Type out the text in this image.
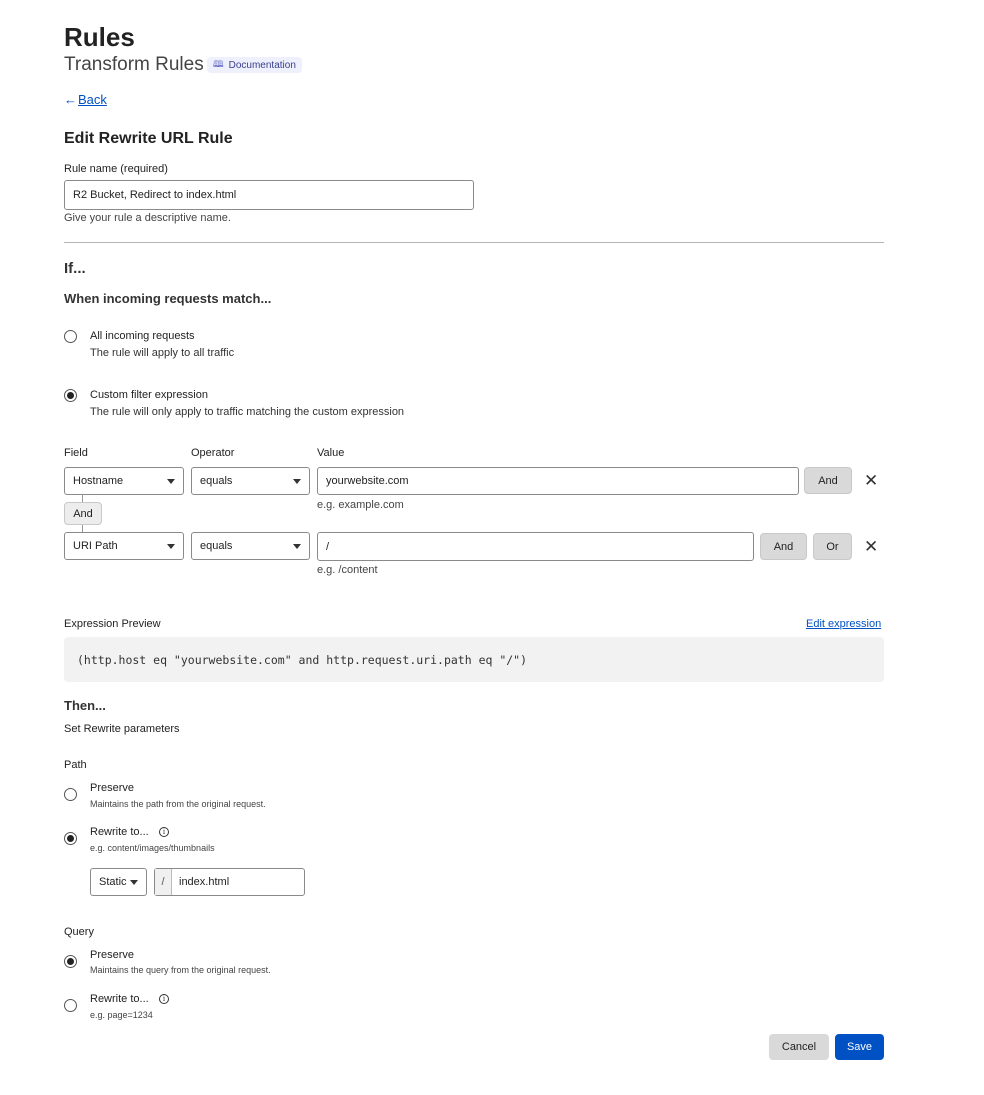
Rules
Transform Rules 🕮 Documentation
← Back
Edit Rewrite URL Rule
Rule name (required)
R2 Bucket, Redirect to index.html
Give your rule a descriptive name.
If...
When incoming requests match...
All incoming requests
The rule will apply to all traffic
Custom filter expression
The rule will only apply to traffic matching the custom expression
Field	Operator	Value
Hostname	equals	yourwebsite.com	And	✕
e.g. example.com
And
URI Path	equals	/	And	Or	✕
e.g. /content
Expression Preview	Edit expression
(http.host eq "yourwebsite.com" and http.request.uri.path eq "/")
Then...
Set Rewrite parameters
Path
Preserve
Maintains the path from the original request.
Rewrite to...	i
e.g. content/images/thumbnails
Static	/	index.html
Query
Preserve
Maintains the query from the original request.
Rewrite to...	i
e.g. page=1234
Cancel	Save
